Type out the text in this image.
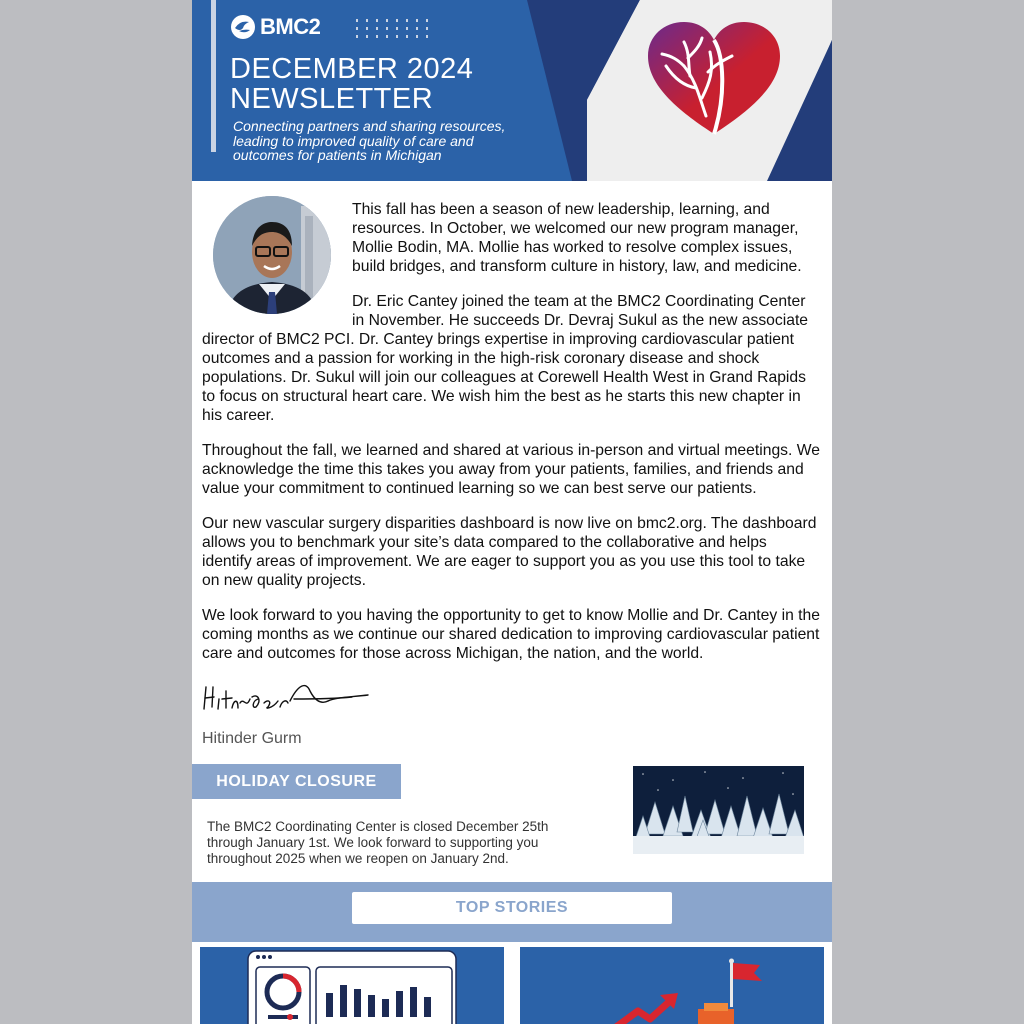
BMC2
DECEMBER 2024
NEWSLETTER
Connecting partners and sharing resources, leading to improved quality of care and outcomes for patients in Michigan

This fall has been a season of new leadership, learning, and resources. In October, we welcomed our new program manager, Mollie Bodin, MA. Mollie has worked to resolve complex issues, build bridges, and transform culture in history, law, and medicine.

Dr. Eric Cantey joined the team at the BMC2 Coordinating Center in November. He succeeds Dr. Devraj Sukul as the new associate director of BMC2 PCI. Dr. Cantey brings expertise in improving cardiovascular patient outcomes and a passion for working in the high-risk coronary disease and shock populations. Dr. Sukul will join our colleagues at Corewell Health West in Grand Rapids to focus on structural heart care. We wish him the best as he starts this new chapter in his career.

Throughout the fall, we learned and shared at various in-person and virtual meetings. We acknowledge the time this takes you away from your patients, families, and friends and value your commitment to continued learning so we can best serve our patients.

Our new vascular surgery disparities dashboard is now live on bmc2.org. The dashboard allows you to benchmark your site’s data compared to the collaborative and helps identify areas of improvement. We are eager to support you as you use this tool to take on new quality projects.

We look forward to you having the opportunity to get to know Mollie and Dr. Cantey in the coming months as we continue our shared dedication to improving cardiovascular patient care and outcomes for those across Michigan, the nation, and the world.

Hitinder Gurm
HOLIDAY CLOSURE
The BMC2 Coordinating Center is closed December 25th through January 1st. We look forward to supporting you throughout 2025 when we reopen on January 2nd.
TOP STORIES
